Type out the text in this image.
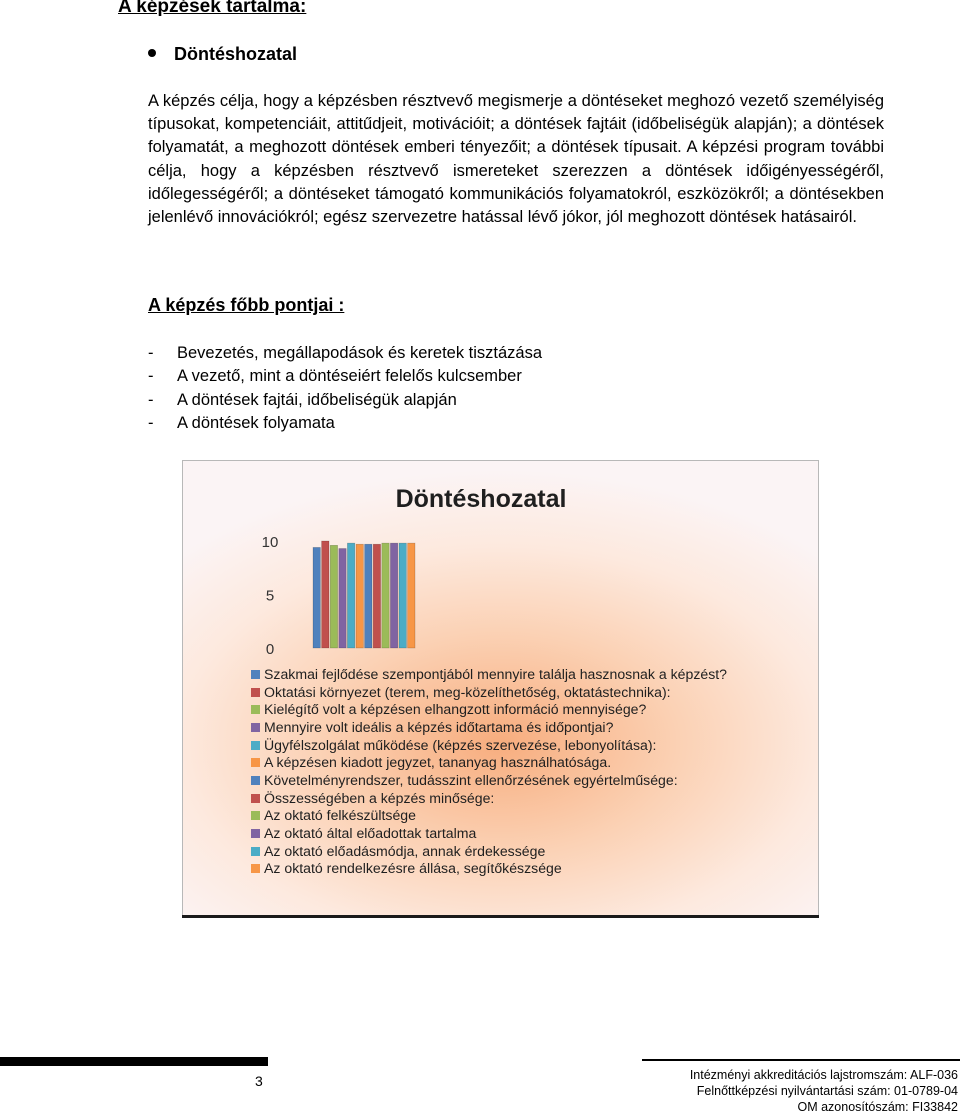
A képzések tartalma:
Döntéshozatal

A képzés célja, hogy a képzésben résztvevő megismerje a döntéseket meghozó vezető személyiség típusokat, kompetenciáit, attitűdjeit, motivációit; a döntések fajtáit (időbeliségük alapján); a döntések folyamatát, a meghozott döntések emberi tényezőit; a döntések típusait. A képzési program további célja, hogy a képzésben résztvevő ismereteket szerezzen a döntések időigényességéről, időlegességéről; a döntéseket támogató kommunikációs folyamatokról, eszközökről; a döntésekben jelenlévő innovációkról; egész szervezetre hatással lévő jókor, jól meghozott döntések hatásairól.

A képzés főbb pontjai :
- Bevezetés, megállapodások és keretek tisztázása
- A vezető, mint a döntéseiért felelős kulcsember
- A döntések fajtái, időbeliségük alapján
- A döntések folyamata
Döntéshozatal
10
5
0
Szakmai fejlődése szempontjából mennyire találja hasznosnak a képzést?
Oktatási környezet (terem, meg-közelíthetőség, oktatástechnika):
Kielégítő volt a képzésen elhangzott információ mennyisége?
Mennyire volt ideális a képzés időtartama és időpontjai?
Ügyfélszolgálat működése (képzés szervezése, lebonyolítása):
A képzésen kiadott jegyzet, tananyag használhatósága.
Követelményrendszer, tudásszint ellenőrzésének egyértelműsége:
Összességében a képzés minősége:
Az oktató felkészültsége
Az oktató által előadottak tartalma
Az oktató előadásmódja, annak érdekessége
Az oktató rendelkezésre állása, segítőkészsége
3	Intézményi akkreditációs lajstromszám: ALF-036
Felnőttképzési nyilvántartási szám: 01-0789-04
OM azonosítószám: FI33842
